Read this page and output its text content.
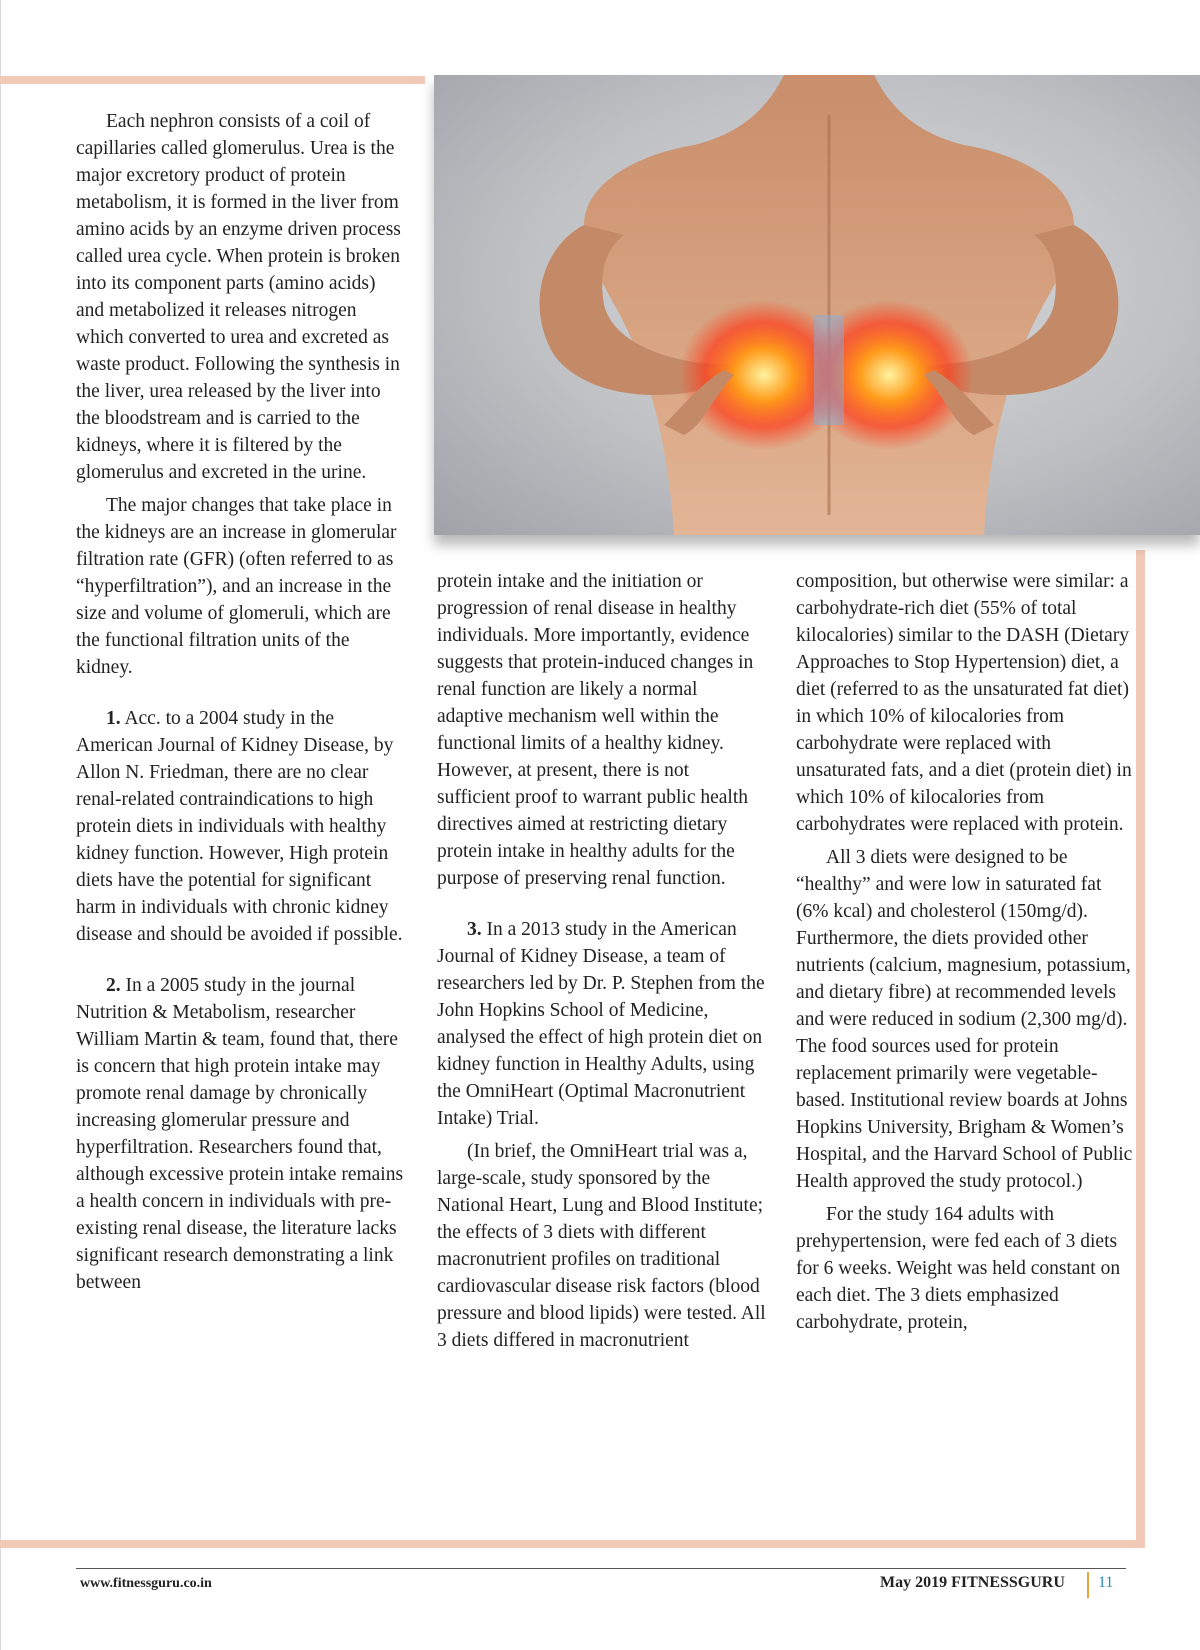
Each nephron consists of a coil of capillaries called glomerulus. Urea is the major excretory product of protein metabolism, it is formed in the liver from amino acids by an enzyme driven process called urea cycle. When protein is broken into its component parts (amino acids) and metabolized it releases nitrogen which converted to urea and excreted as waste product. Following the synthesis in the liver, urea released by the liver into the bloodstream and is carried to the kidneys, where it is filtered by the glomerulus and excreted in the urine.

The major changes that take place in the kidneys are an increase in glomerular filtration rate (GFR) (often referred to as “hyperfiltration”), and an increase in the size and volume of glomeruli, which are the functional filtration units of the kidney.

1. Acc. to a 2004 study in the American Journal of Kidney Disease, by Allon N. Friedman, there are no clear renal-related contraindications to high protein diets in individuals with healthy kidney function. However, High protein diets have the potential for significant harm in individuals with chronic kidney disease and should be avoided if possible.

2. In a 2005 study in the journal Nutrition & Metabolism, researcher William Martin & team, found that, there is concern that high protein intake may promote renal damage by chronically increasing glomerular pressure and hyperfiltration. Researchers found that, although excessive protein intake remains a health concern in individuals with pre-existing renal disease, the literature lacks significant research demonstrating a link between

protein intake and the initiation or progression of renal disease in healthy individuals. More importantly, evidence suggests that protein-induced changes in renal function are likely a normal adaptive mechanism well within the functional limits of a healthy kidney. However, at present, there is not sufficient proof to warrant public health directives aimed at restricting dietary protein intake in healthy adults for the purpose of preserving renal function.

3. In a 2013 study in the American Journal of Kidney Disease, a team of researchers led by Dr. P. Stephen from the John Hopkins School of Medicine, analysed the effect of high protein diet on kidney function in Healthy Adults, using the OmniHeart (Optimal Macronutrient Intake) Trial.

(In brief, the OmniHeart trial was a, large-scale, study sponsored by the National Heart, Lung and Blood Institute; the effects of 3 diets with different macronutrient profiles on traditional cardiovascular disease risk factors (blood pressure and blood lipids) were tested. All 3 diets differed in macronutrient

composition, but otherwise were similar: a carbohydrate-rich diet (55% of total kilocalories) similar to the DASH (Dietary Approaches to Stop Hypertension) diet, a diet (referred to as the unsaturated fat diet) in which 10% of kilocalories from carbohydrate were replaced with unsaturated fats, and a diet (protein diet) in which 10% of kilocalories from carbohydrates were replaced with protein.

All 3 diets were designed to be “healthy” and were low in saturated fat (6% kcal) and cholesterol (150mg/d). Furthermore, the diets provided other nutrients (calcium, magnesium, potassium, and dietary fibre) at recommended levels and were reduced in sodium (2,300 mg/d). The food sources used for protein replacement primarily were vegetable-based. Institutional review boards at Johns Hopkins University, Brigham & Women’s Hospital, and the Harvard School of Public Health approved the study protocol.)

For the study 164 adults with prehypertension, were fed each of 3 diets for 6 weeks. Weight was held constant on each diet. The 3 diets emphasized carbohydrate, protein,

www.fitnessguru.co.in	May 2019 FITNESSGURU 11
